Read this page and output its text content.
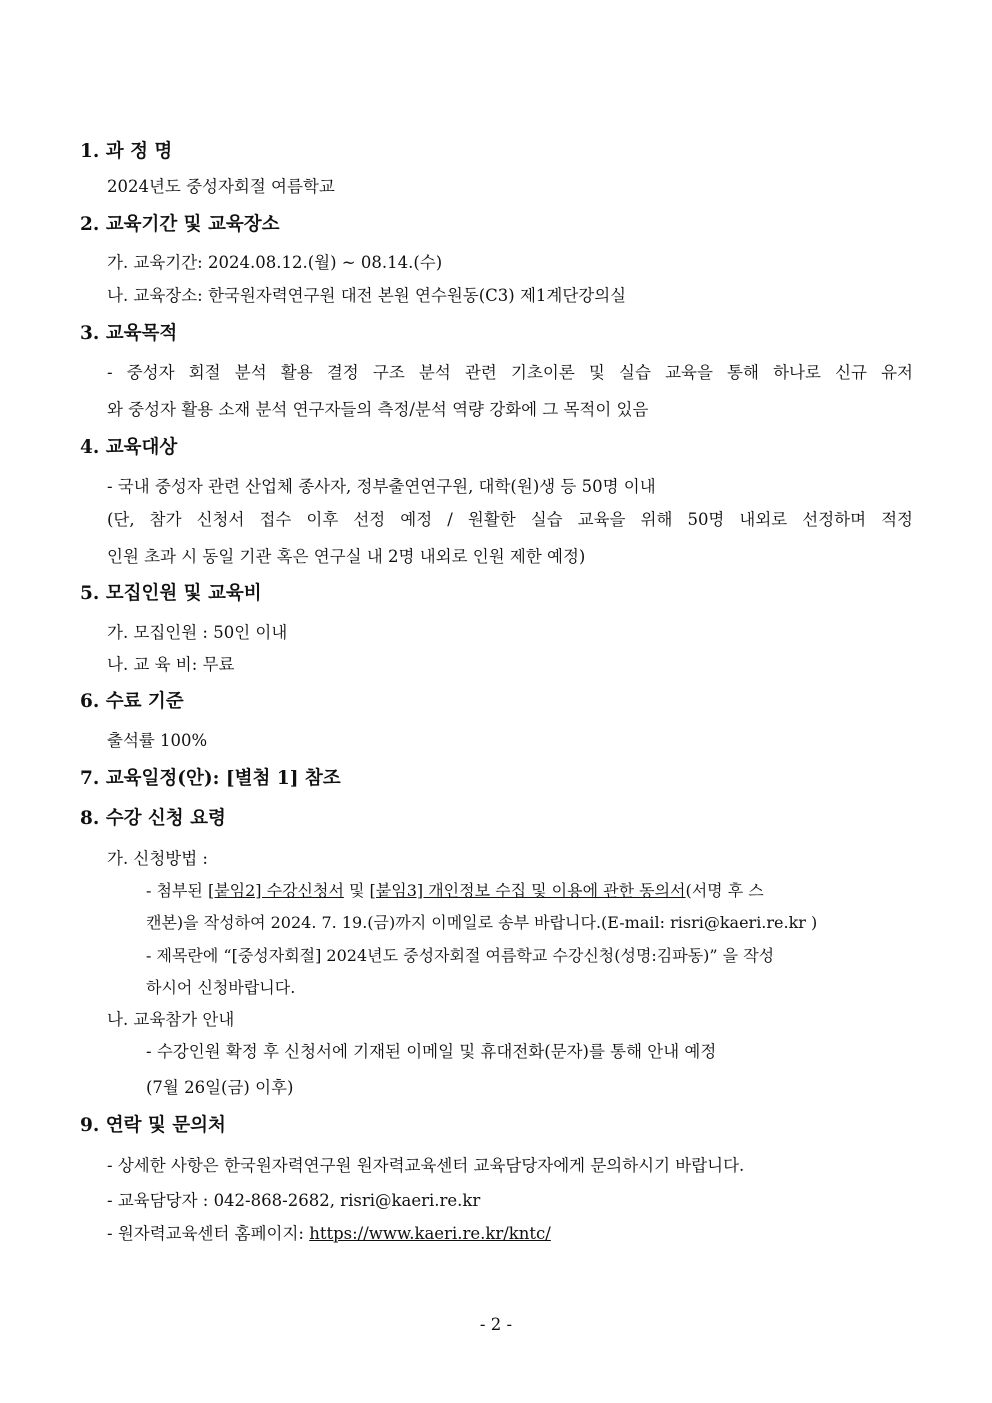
1. 과 정 명
2024년도 중성자회절 여름학교
2. 교육기간 및 교육장소
가. 교육기간: 2024.08.12.(월) ~ 08.14.(수)
나. 교육장소: 한국원자력연구원 대전 본원 연수원동(C3) 제1계단강의실
3. 교육목적
- 중성자 회절 분석 활용 결정 구조 분석 관련 기초이론 및 실습 교육을 통해 하나로 신규 유저
와 중성자 활용 소재 분석 연구자들의 측정/분석 역량 강화에 그 목적이 있음
4. 교육대상
- 국내 중성자 관련 산업체 종사자, 정부출연연구원, 대학(원)생 등 50명 이내
(단, 참가 신청서 접수 이후 선정 예정 / 원활한 실습 교육을 위해 50명 내외로 선정하며 적정
인원 초과 시 동일 기관 혹은 연구실 내 2명 내외로 인원 제한 예정)
5. 모집인원 및 교육비
가. 모집인원 : 50인 이내
나. 교 육 비: 무료
6. 수료 기준
출석률 100%
7. 교육일정(안): [별첨 1] 참조
8. 수강 신청 요령
가. 신청방법 :
- 첨부된 [붙임2] 수강신청서 및 [붙임3] 개인정보 수집 및 이용에 관한 동의서(서명 후 스
캔본)을 작성하여 2024. 7. 19.(금)까지 이메일로 송부 바랍니다.(E-mail: risri@kaeri.re.kr )
- 제목란에 “[중성자회절] 2024년도 중성자회절 여름학교 수강신청(성명:김파동)” 을 작성
하시어 신청바랍니다.
나. 교육참가 안내
- 수강인원 확정 후 신청서에 기재된 이메일 및 휴대전화(문자)를 통해 안내 예정
(7월 26일(금) 이후)
9. 연락 및 문의처
- 상세한 사항은 한국원자력연구원 원자력교육센터 교육담당자에게 문의하시기 바랍니다.
- 교육담당자 : 042-868-2682, risri@kaeri.re.kr
- 원자력교육센터 홈페이지: https://www.kaeri.re.kr/kntc/
- 2 -
